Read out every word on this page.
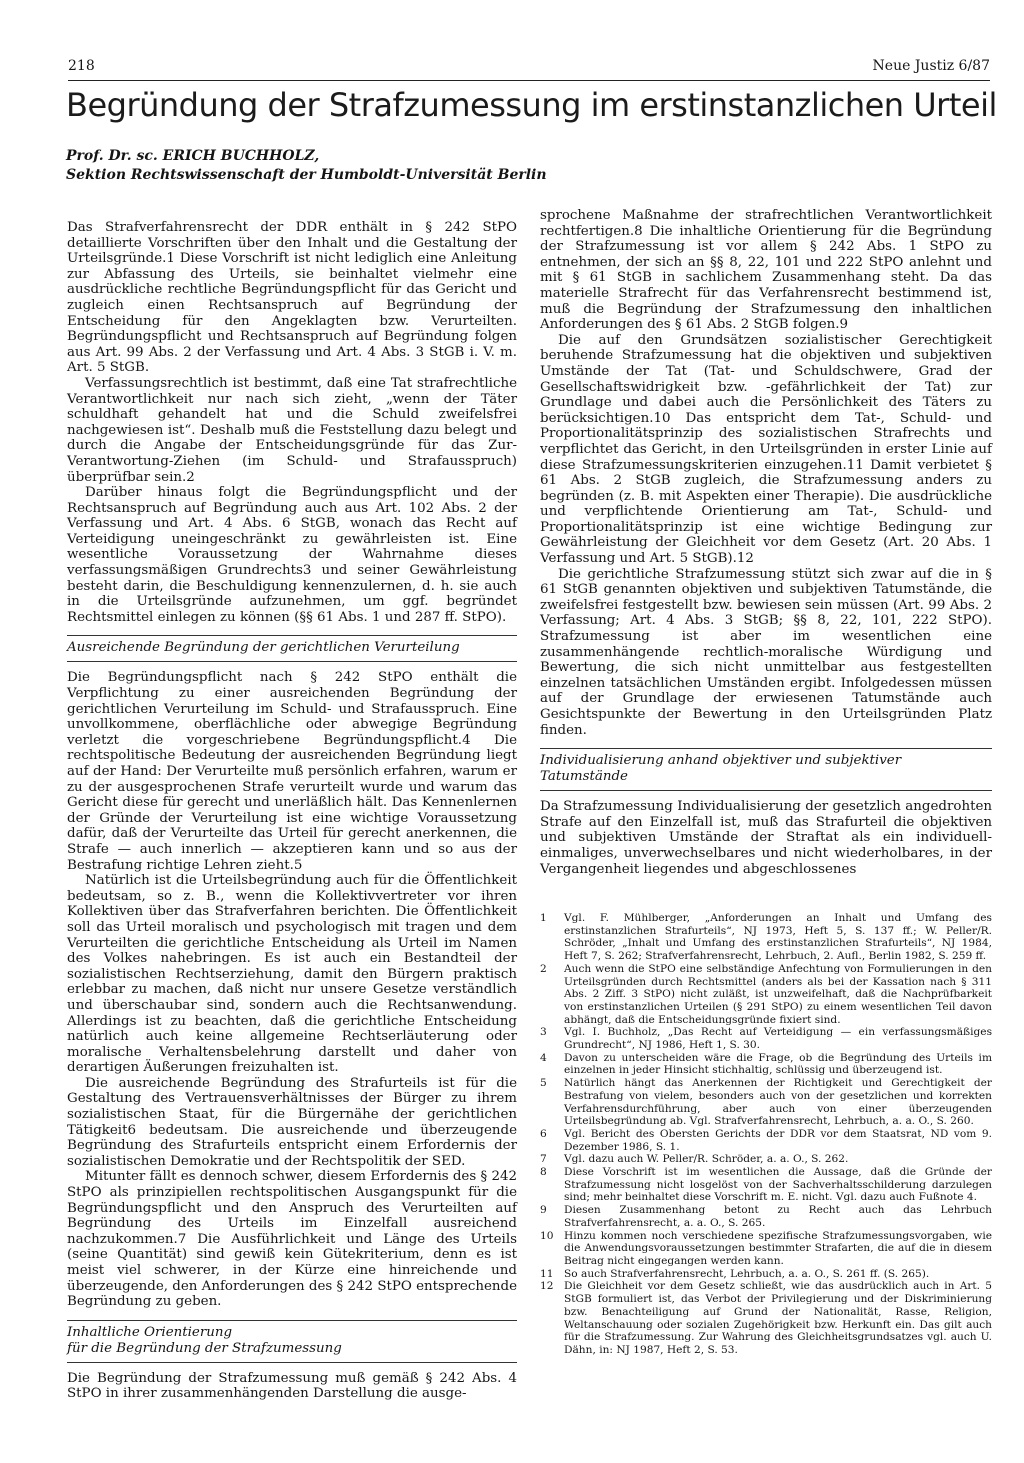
218	Neue Justiz 6/87
Begründung der Strafzumessung im erstinstanzlichen Urteil
Prof. Dr. sc. ERICH BUCHHOLZ,
Sektion Rechtswissenschaft der Humboldt-Universität Berlin

Das Strafverfahrensrecht der DDR enthält in § 242 StPO detaillierte Vorschriften über den Inhalt und die Gestaltung der Urteilsgründe.1 Diese Vorschrift ist nicht lediglich eine Anleitung zur Abfassung des Urteils, sie beinhaltet vielmehr eine ausdrückliche rechtliche Begründungspflicht für das Gericht und zugleich einen Rechtsanspruch auf Begründung der Entscheidung für den Angeklagten bzw. Verurteilten. Begründungspflicht und Rechtsanspruch auf Begründung folgen aus Art. 99 Abs. 2 der Verfassung und Art. 4 Abs. 3 StGB i. V. m. Art. 5 StGB.

Verfassungsrechtlich ist bestimmt, daß eine Tat strafrechtliche Verantwortlichkeit nur nach sich zieht, „wenn der Täter schuldhaft gehandelt hat und die Schuld zweifelsfrei nachgewiesen ist“. Deshalb muß die Feststellung dazu belegt und durch die Angabe der Entscheidungsgründe für das Zur-Verantwortung-Ziehen (im Schuld- und Strafausspruch) überprüfbar sein.2

Darüber hinaus folgt die Begründungspflicht und der Rechtsanspruch auf Begründung auch aus Art. 102 Abs. 2 der Verfassung und Art. 4 Abs. 6 StGB, wonach das Recht auf Verteidigung uneingeschränkt zu gewährleisten ist. Eine wesentliche Voraussetzung der Wahrnahme dieses verfassungsmäßigen Grundrechts3 und seiner Gewährleistung besteht darin, die Beschuldigung kennenzulernen, d. h. sie auch in die Urteilsgründe aufzunehmen, um ggf. begründet Rechtsmittel einlegen zu können (§§ 61 Abs. 1 und 287 ff. StPO).

Ausreichende Begründung der gerichtlichen Verurteilung

Die Begründungspflicht nach § 242 StPO enthält die Verpflichtung zu einer ausreichenden Begründung der gerichtlichen Verurteilung im Schuld- und Strafausspruch. Eine unvollkommene, oberflächliche oder abwegige Begründung verletzt die vorgeschriebene Begründungspflicht.4 Die rechtspolitische Bedeutung der ausreichenden Begründung liegt auf der Hand: Der Verurteilte muß persönlich erfahren, warum er zu der ausgesprochenen Strafe verurteilt wurde und warum das Gericht diese für gerecht und unerläßlich hält. Das Kennenlernen der Gründe der Verurteilung ist eine wichtige Voraussetzung dafür, daß der Verurteilte das Urteil für gerecht anerkennen, die Strafe — auch innerlich — akzeptieren kann und so aus der Bestrafung richtige Lehren zieht.5

Natürlich ist die Urteilsbegründung auch für die Öffentlichkeit bedeutsam, so z. B., wenn die Kollektivvertreter vor ihren Kollektiven über das Strafverfahren berichten. Die Öffentlichkeit soll das Urteil moralisch und psychologisch mit tragen und dem Verurteilten die gerichtliche Entscheidung als Urteil im Namen des Volkes nahebringen. Es ist auch ein Bestandteil der sozialistischen Rechtserziehung, damit den Bürgern praktisch erlebbar zu machen, daß nicht nur unsere Gesetze verständlich und überschaubar sind, sondern auch die Rechtsanwendung. Allerdings ist zu beachten, daß die gerichtliche Entscheidung natürlich auch keine allgemeine Rechtserläuterung oder moralische Verhaltensbelehrung darstellt und daher von derartigen Äußerungen freizuhalten ist.

Die ausreichende Begründung des Strafurteils ist für die Gestaltung des Vertrauensverhältnisses der Bürger zu ihrem sozialistischen Staat, für die Bürgernähe der gerichtlichen Tätigkeit6 bedeutsam. Die ausreichende und überzeugende Begründung des Strafurteils entspricht einem Erfordernis der sozialistischen Demokratie und der Rechtspolitik der SED.

Mitunter fällt es dennoch schwer, diesem Erfordernis des § 242 StPO als prinzipiellen rechtspolitischen Ausgangspunkt für die Begründungspflicht und den Anspruch des Verurteilten auf Begründung des Urteils im Einzelfall ausreichend nachzukommen.7 Die Ausführlichkeit und Länge des Urteils (seine Quantität) sind gewiß kein Gütekriterium, denn es ist meist viel schwerer, in der Kürze eine hinreichende und überzeugende, den Anforderungen des § 242 StPO entsprechende Begründung zu geben.

Inhaltliche Orientierung
für die Begründung der Strafzumessung

Die Begründung der Strafzumessung muß gemäß § 242 Abs. 4 StPO in ihrer zusammenhängenden Darstellung die ausge-

sprochene Maßnahme der strafrechtlichen Verantwortlichkeit rechtfertigen.8 Die inhaltliche Orientierung für die Begründung der Strafzumessung ist vor allem § 242 Abs. 1 StPO zu entnehmen, der sich an §§ 8, 22, 101 und 222 StPO anlehnt und mit § 61 StGB in sachlichem Zusammenhang steht. Da das materielle Strafrecht für das Verfahrensrecht bestimmend ist, muß die Begründung der Strafzumessung den inhaltlichen Anforderungen des § 61 Abs. 2 StGB folgen.9

Die auf den Grundsätzen sozialistischer Gerechtigkeit beruhende Strafzumessung hat die objektiven und subjektiven Umstände der Tat (Tat- und Schuldschwere, Grad der Gesellschaftswidrigkeit bzw. -gefährlichkeit der Tat) zur Grundlage und dabei auch die Persönlichkeit des Täters zu berücksichtigen.10 Das entspricht dem Tat-, Schuld- und Proportionalitätsprinzip des sozialistischen Strafrechts und verpflichtet das Gericht, in den Urteilsgründen in erster Linie auf diese Strafzumessungskriterien einzugehen.11 Damit verbietet § 61 Abs. 2 StGB zugleich, die Strafzumessung anders zu begründen (z. B. mit Aspekten einer Therapie). Die ausdrückliche und verpflichtende Orientierung am Tat-, Schuld- und Proportionalitätsprinzip ist eine wichtige Bedingung zur Gewährleistung der Gleichheit vor dem Gesetz (Art. 20 Abs. 1 Verfassung und Art. 5 StGB).12

Die gerichtliche Strafzumessung stützt sich zwar auf die in § 61 StGB genannten objektiven und subjektiven Tatumstände, die zweifelsfrei festgestellt bzw. bewiesen sein müssen (Art. 99 Abs. 2 Verfassung; Art. 4 Abs. 3 StGB; §§ 8, 22, 101, 222 StPO). Strafzumessung ist aber im wesentlichen eine zusammenhängende rechtlich-moralische Würdigung und Bewertung, die sich nicht unmittelbar aus festgestellten einzelnen tatsächlichen Umständen ergibt. Infolgedessen müssen auf der Grundlage der erwiesenen Tatumstände auch Gesichtspunkte der Bewertung in den Urteilsgründen Platz finden.

Individualisierung anhand objektiver und subjektiver
Tatumstände

Da Strafzumessung Individualisierung der gesetzlich angedrohten Strafe auf den Einzelfall ist, muß das Strafurteil die objektiven und subjektiven Umstände der Straftat als ein individuell-einmaliges, unverwechselbares und nicht wiederholbares, in der Vergangenheit liegendes und abgeschlossenes

1	Vgl. F. Mühlberger, „Anforderungen an Inhalt und Umfang des erstinstanzlichen Strafurteils“, NJ 1973, Heft 5, S. 137 ff.; W. Peller/R. Schröder, „Inhalt und Umfang des erstinstanzlichen Strafurteils“, NJ 1984, Heft 7, S. 262; Strafverfahrensrecht, Lehrbuch, 2. Aufl., Berlin 1982, S. 259 ff.
2	Auch wenn die StPO eine selbständige Anfechtung von Formulierungen in den Urteilsgründen durch Rechtsmittel (anders als bei der Kassation nach § 311 Abs. 2 Ziff. 3 StPO) nicht zuläßt, ist unzweifelhaft, daß die Nachprüfbarkeit von erstinstanzlichen Urteilen (§ 291 StPO) zu einem wesentlichen Teil davon abhängt, daß die Entscheidungsgründe fixiert sind.
3	Vgl. I. Buchholz, „Das Recht auf Verteidigung — ein verfassungsmäßiges Grundrecht“, NJ 1986, Heft 1, S. 30.
4	Davon zu unterscheiden wäre die Frage, ob die Begründung des Urteils im einzelnen in jeder Hinsicht stichhaltig, schlüssig und überzeugend ist.
5	Natürlich hängt das Anerkennen der Richtigkeit und Gerechtigkeit der Bestrafung von vielem, besonders auch von der gesetzlichen und korrekten Verfahrensdurchführung, aber auch von einer überzeugenden Urteilsbegründung ab. Vgl. Strafverfahrensrecht, Lehrbuch, a. a. O., S. 260.
6	Vgl. Bericht des Obersten Gerichts der DDR vor dem Staatsrat, ND vom 9. Dezember 1986, S. 1.
7	Vgl. dazu auch W. Peller/R. Schröder, a. a. O., S. 262.
8	Diese Vorschrift ist im wesentlichen die Aussage, daß die Gründe der Strafzumessung nicht losgelöst von der Sachverhaltsschilderung darzulegen sind; mehr beinhaltet diese Vorschrift m. E. nicht. Vgl. dazu auch Fußnote 4.
9	Diesen Zusammenhang betont zu Recht auch das Lehrbuch Strafverfahrensrecht, a. a. O., S. 265.
10 Hinzu kommen noch verschiedene spezifische Strafzumessungsvorgaben, wie die Anwendungsvoraussetzungen bestimmter Strafarten, die auf die in diesem Beitrag nicht eingegangen werden kann.
11 So auch Strafverfahrensrecht, Lehrbuch, a. a. O., S. 261 ff. (S. 265).
12 Die Gleichheit vor dem Gesetz schließt, wie das ausdrücklich auch in Art. 5 StGB formuliert ist, das Verbot der Privilegierung und der Diskriminierung bzw. Benachteiligung auf Grund der Nationalität, Rasse, Religion, Weltanschauung oder sozialen Zugehörigkeit bzw. Herkunft ein. Das gilt auch für die Strafzumessung. Zur Wahrung des Gleichheitsgrundsatzes vgl. auch U. Dähn, in: NJ 1987, Heft 2, S. 53.
